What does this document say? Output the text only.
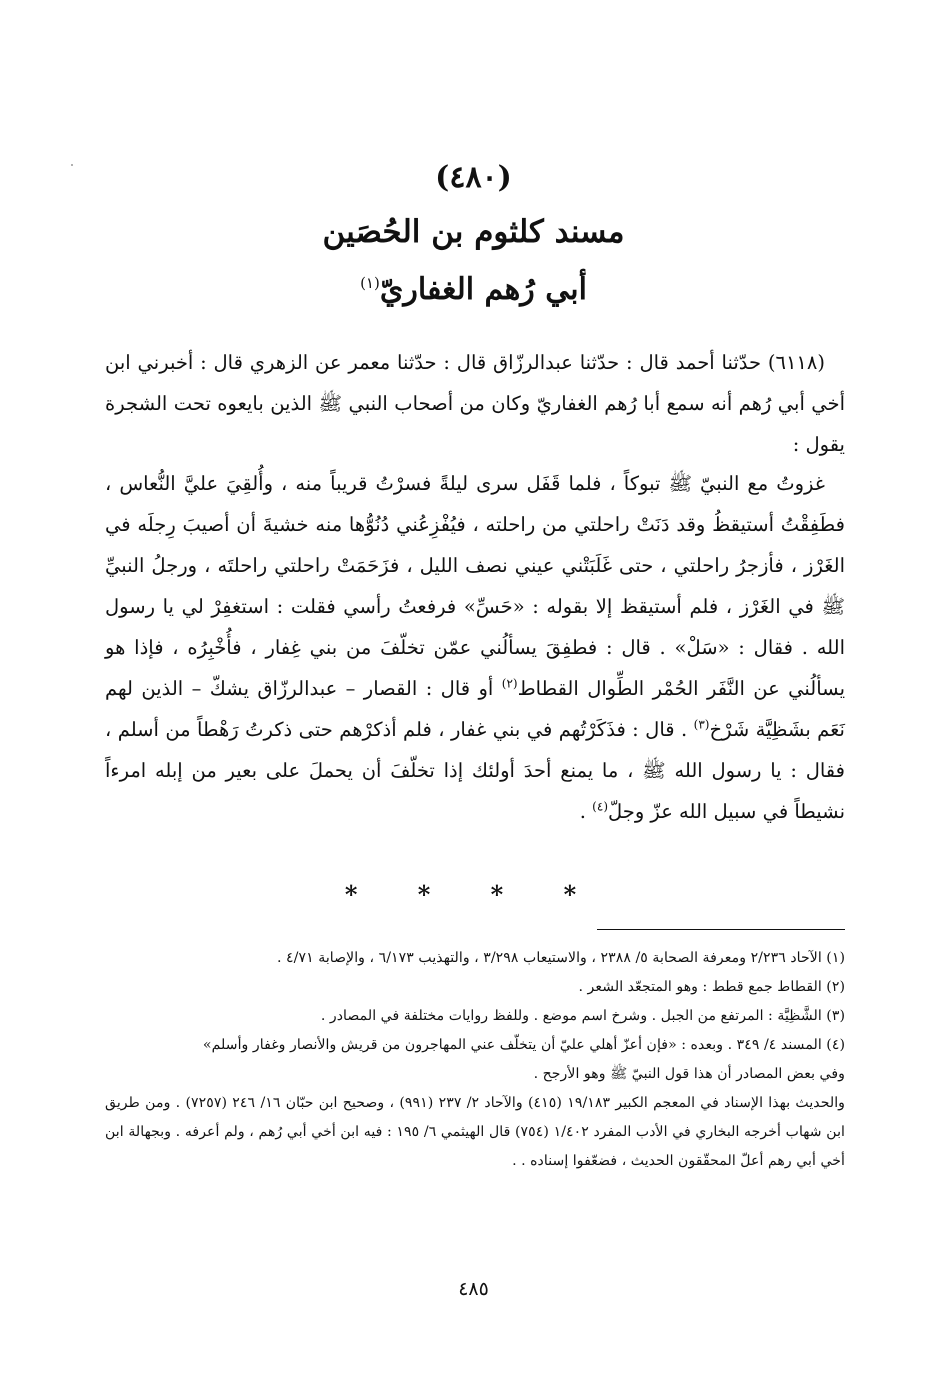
(٤٨٠)
مسند كلثوم بن الحُصَين
أبي رُهم الغفاريّ$^{(١)}$

(٦١١٨) حدّثنا أحمد قال : حدّثنا عبدالرزّاق قال : حدّثنا معمر عن الزهري قال : أخبرني ابن أخي أبي رُهم أنه سمع أبا رُهم الغفاريّ وكان من أصحاب النبي ﷺ الذين بايعوه تحت الشجرة يقول :

غزوتُ مع النبيّ ﷺ تبوكاً ، فلما قَفَل سرى ليلةً فسرْتُ قريباً منه ، وأُلقِيَ عليَّ النُّعاس ، فطَفِقْتُ أستيقظُ وقد دَنَتْ راحلتي من راحلته ، فيُفْزِعُني دُنُوُّها منه خشيةَ أن أصيبَ رِجلَه في الغَرْز ، فأزجرُ راحلتي ، حتى غَلَبَتْني عيني نصف الليل ، فزَحَمَتْ راحلتي راحلتَه ، ورجلُ النبيِّ ﷺ في الغَرْز ، فلم أستيقظ إلا بقوله : «حَسِّ» فرفعتُ رأسي فقلت : استغفِرْ لي يا رسول الله . فقال : «سَلْ» . قال : فطفِقَ يسألُني عمّن تخلّفَ من بني غِفار ، فأُخْبِرُه ، فإذا هو يسألُني عن النَّفَر الحُمْر الطِّوال القطاط$^{(٢)}$ أو قال : القصار – عبدالرزّاق يشكّ – الذين لهم نَعَم بشَظِيَّة شَرْخ$^{(٣)}$ . قال : فذَكَرْتُهم في بني غفار ، فلم أذكرْهم حتى ذكرتُ رَهْطاً من أسلم ، فقال : يا رسول الله ﷺ ، ما يمنع أحدَ أولئك إذا تخلّفَ أن يحملَ على بعير من إبله امرءاً نشيطاً في سبيل الله عزّ وجلّ$^{(٤)}$ .

* * * *

(١) الآحاد ٢/٢٣٦ ومعرفة الصحابة ٥/ ٢٣٨٨ ، والاستيعاب ٣/٢٩٨ ، والتهذيب ٦/١٧٣ ، والإصابة ٤/٧١ .

(٢) القطاط جمع قطط : وهو المتجعّد الشعر .

(٣) الشَّظِيَّة : المرتفع من الجبل . وشرخ اسم موضع . وللفظ روايات مختلفة في المصادر .

(٤) المسند ٤/ ٣٤٩ . وبعده : «فإن أعزّ أهلي عليّ أن يتخلّف عني المهاجرون من قريش والأنصار وغفار وأسلم»

وفي بعض المصادر أن هذا قول النبيّ ﷺ وهو الأرجح .

والحديث بهذا الإسناد في المعجم الكبير ١٩/١٨٣ (٤١٥) والآحاد ٢/ ٢٣٧ (٩٩١) ، وصحيح ابن حبّان ١٦/ ٢٤٦ (٧٢٥٧) . ومن طريق ابن شهاب أخرجه البخاري في الأدب المفرد ١/٤٠٢ (٧٥٤) قال الهيثمي ٦/ ١٩٥ : فيه ابن أخي أبي رُهم ، ولم أعرفه . وبجهالة ابن أخي أبي رهم أعلّ المحقّقون الحديث ، فضعّفوا إسناده . .

٤٨٥
